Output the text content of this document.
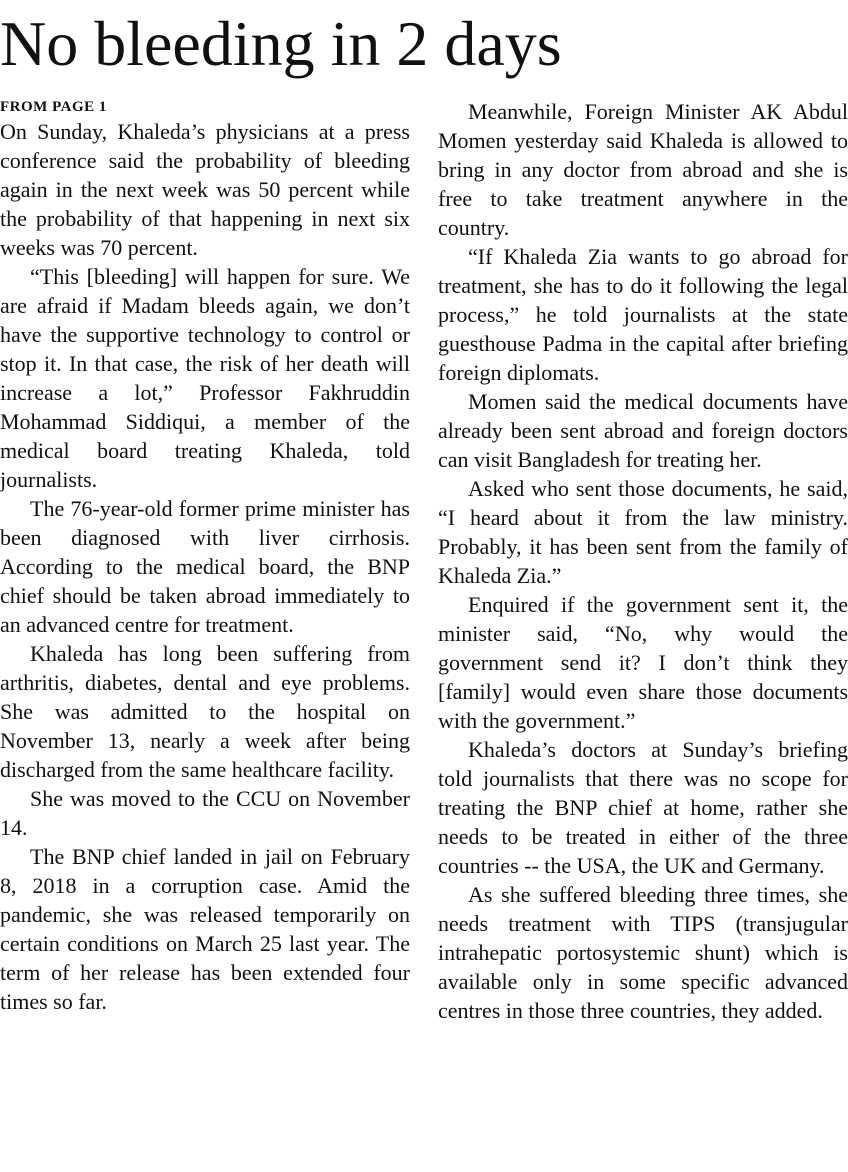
No bleeding in 2 days
FROM PAGE 1

On Sunday, Khaleda’s physicians at a press conference said the probability of bleeding again in the next week was 50 percent while the probability of that happening in next six weeks was 70 percent.

“This [bleeding] will happen for sure. We are afraid if Madam bleeds again, we don’t have the supportive technology to control or stop it. In that case, the risk of her death will increase a lot,” Professor Fakhruddin Mohammad Siddiqui, a member of the medical board treating Khaleda, told journalists.

The 76-year-old former prime minister has been diagnosed with liver cirrhosis. According to the medical board, the BNP chief should be taken abroad immediately to an advanced centre for treatment.

Khaleda has long been suffering from arthritis, diabetes, dental and eye problems. She was admitted to the hospital on November 13, nearly a week after being discharged from the same healthcare facility.

She was moved to the CCU on November 14.

The BNP chief landed in jail on February 8, 2018 in a corruption case. Amid the pandemic, she was released temporarily on certain conditions on March 25 last year. The term of her release has been extended four times so far.

Meanwhile, Foreign Minister AK Abdul Momen yesterday said Khaleda is allowed to bring in any doctor from abroad and she is free to take treatment anywhere in the country.

“If Khaleda Zia wants to go abroad for treatment, she has to do it following the legal process,” he told journalists at the state guesthouse Padma in the capital after briefing foreign diplomats.

Momen said the medical documents have already been sent abroad and foreign doctors can visit Bangladesh for treating her.

Asked who sent those documents, he said, “I heard about it from the law ministry. Probably, it has been sent from the family of Khaleda Zia.”

Enquired if the government sent it, the minister said, “No, why would the government send it? I don’t think they [family] would even share those documents with the government.”

Khaleda’s doctors at Sunday’s briefing told journalists that there was no scope for treating the BNP chief at home, rather she needs to be treated in either of the three countries -- the USA, the UK and Germany.

As she suffered bleeding three times, she needs treatment with TIPS (transjugular intrahepatic portosystemic shunt) which is available only in some specific advanced centres in those three countries, they added.
